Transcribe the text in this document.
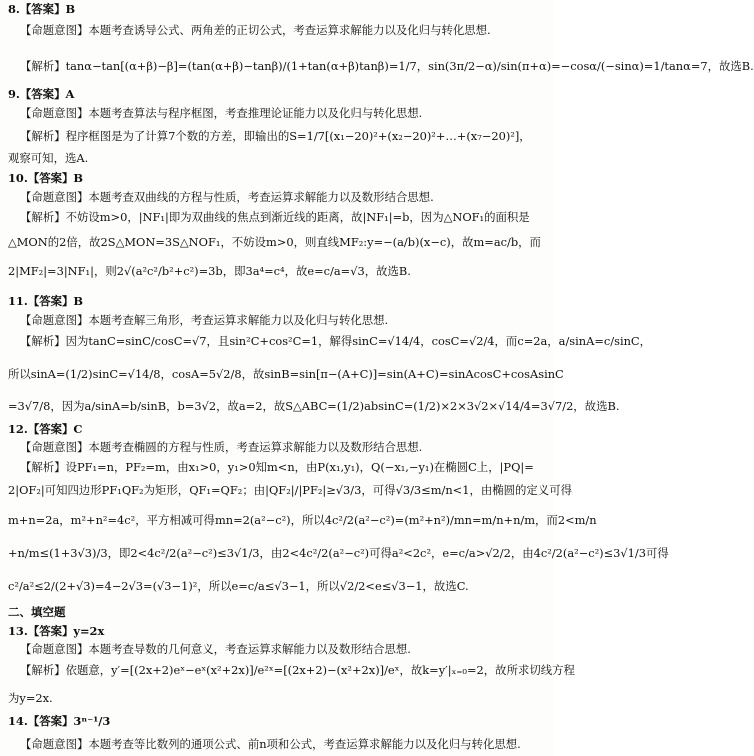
8.【答案】B
【命题意图】本题考查诱导公式、两角差的正切公式，考查运算求解能力以及化归与转化思想.
【解析】tanα−tan[(α+β)−β]=(tan(α+β)−tanβ)/(1+tan(α+β)tanβ)=1/7，sin(3π/2−α)/sin(π+α)=−cosα/(−sinα)=1/tanα=7，故选B.
9.【答案】A
【命题意图】本题考查算法与程序框图，考查推理论证能力以及化归与转化思想.
【解析】程序框图是为了计算7个数的方差，即输出的S=1/7[(x₁−20)²+(x₂−20)²+…+(x₇−20)²]，
观察可知，选A.
10.【答案】B
【命题意图】本题考查双曲线的方程与性质，考查运算求解能力以及数形结合思想.
【解析】不妨设m>0，|NF₁|即为双曲线的焦点到渐近线的距离，故|NF₁|=b，因为△NOF₁的面积是
△MON的2倍，故2S△MON=3S△NOF₁，不妨设m>0，则直线MF₂:y=−(a/b)(x−c)，故m=ac/b，而
2|MF₂|=3|NF₁|，则2√(a²c²/b²+c²)=3b，即3a⁴=c⁴，故e=c/a=√3，故选B.
11.【答案】B
【命题意图】本题考查解三角形，考查运算求解能力以及化归与转化思想.
【解析】因为tanC=sinC/cosC=√7，且sin²C+cos²C=1，解得sinC=√14/4，cosC=√2/4，而c=2a，a/sinA=c/sinC，
所以sinA=(1/2)sinC=√14/8，cosA=5√2/8，故sinB=sin[π−(A+C)]=sin(A+C)=sinAcosC+cosAsinC
=3√7/8，因为a/sinA=b/sinB，b=3√2，故a=2，故S△ABC=(1/2)absinC=(1/2)×2×3√2×√14/4=3√7/2，故选B.
12.【答案】C
【命题意图】本题考查椭圆的方程与性质，考查运算求解能力以及数形结合思想.
【解析】设PF₁=n，PF₂=m，由x₁>0，y₁>0知m<n，由P(x₁,y₁)，Q(−x₁,−y₁)在椭圆C上，|PQ|=
2|OF₂|可知四边形PF₁QF₂为矩形，QF₁=QF₂；由|QF₂|/|PF₂|≥√3/3，可得√3/3≤m/n<1，由椭圆的定义可得
m+n=2a，m²+n²=4c²，平方相减可得mn=2(a²−c²)，所以4c²/2(a²−c²)=(m²+n²)/mn=m/n+n/m，而2<m/n
+n/m≤(1+3√3)/3，即2<4c²/2(a²−c²)≤3√1/3，由2<4c²/2(a²−c²)可得a²<2c²，e=c/a>√2/2，由4c²/2(a²−c²)≤3√1/3可得
c²/a²≤2/(2+√3)=4−2√3=(√3−1)²，所以e=c/a≤√3−1，所以√2/2<e≤√3−1，故选C.
二、填空题
13.【答案】y=2x
【命题意图】本题考查导数的几何意义，考查运算求解能力以及数形结合思想.
【解析】依题意，y′=[(2x+2)eˣ−eˣ(x²+2x)]/e²ˣ=[(2x+2)−(x²+2x)]/eˣ，故k=y′|ₓ₌₀=2，故所求切线方程
为y=2x.
14.【答案】3ⁿ⁻¹/3
【命题意图】本题考查等比数列的通项公式、前n项和公式，考查运算求解能力以及化归与转化思想.
